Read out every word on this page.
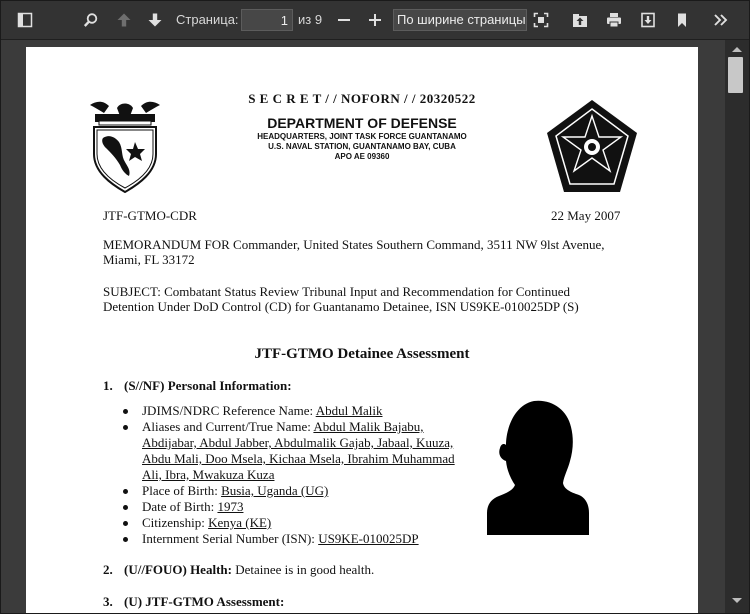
Страница:
1	из 9	По ширине страницы
S E C R E T / / NOFORN / / 20320522
DEPARTMENT OF DEFENSE
HEADQUARTERS, JOINT TASK FORCE GUANTANAMO
U.S. NAVAL STATION, GUANTANAMO BAY, CUBA
APO AE 09360
JTF-GTMO-CDR	22 May 2007
MEMORANDUM FOR Commander, United States Southern Command, 3511 NW 9lst Avenue,
Miami, FL 33172
SUBJECT: Combatant Status Review Tribunal Input and Recommendation for Continued
Detention Under DoD Control (CD) for Guantanamo Detainee, ISN US9KE-010025DP (S)
JTF-GTMO Detainee Assessment
1. (S//NF) Personal Information:
JDIMS/NDRC Reference Name: Abdul Malik
Aliases and Current/True Name: Abdul Malik Bajabu,
Abdijabar, Abdul Jabber, Abdulmalik Gajab, Jabaal, Kuuza,
Abdu Mali, Doo Msela, Kichaa Msela, Ibrahim Muhammad
Ali, Ibra, Mwakuza Kuza
Place of Birth: Busia, Uganda (UG)
Date of Birth: 1973
Citizenship: Kenya (KE)
Internment Serial Number (ISN): US9KE-010025DP
2. (U//FOUO) Health: Detainee is in good health.
3. (U) JTF-GTMO Assessment:
